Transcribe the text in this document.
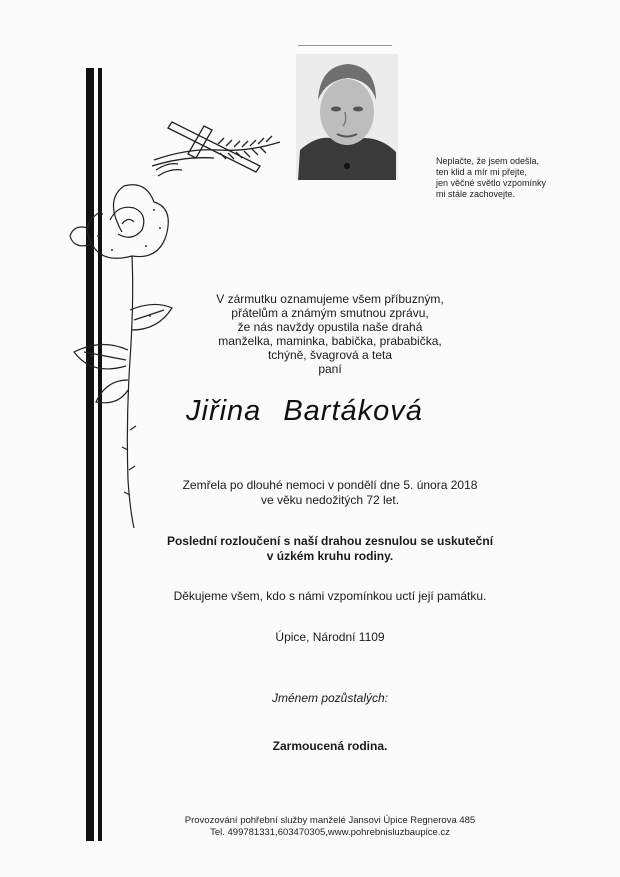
Neplačte, že jsem odešla,
ten klid a mír mi přejte,
jen věčné světlo vzpomínky
mi stále zachovejte.
V zármutku oznamujeme všem příbuzným,
přátelům a známým smutnou zprávu,
že nás navždy opustila naše drahá
manželka, maminka, babička, prababička,
tchýně, švagrová a teta
paní
Jiřina Bartáková
Zemřela po dlouhé nemoci v pondělí dne 5. února 2018
ve věku nedožitých 72 let.
Poslední rozloučení s naší drahou zesnulou se uskuteční
v úzkém kruhu rodiny.
Děkujeme všem, kdo s námi vzpomínkou uctí její památku.
Úpice, Národní 1109
Jménem pozůstalých:
Zarmoucená rodina.
Provozování pohřební služby manželé Jansovi Úpice Regnerova 485
Tel. 499781331,603470305,www.pohrebnisluzbaupice.cz
